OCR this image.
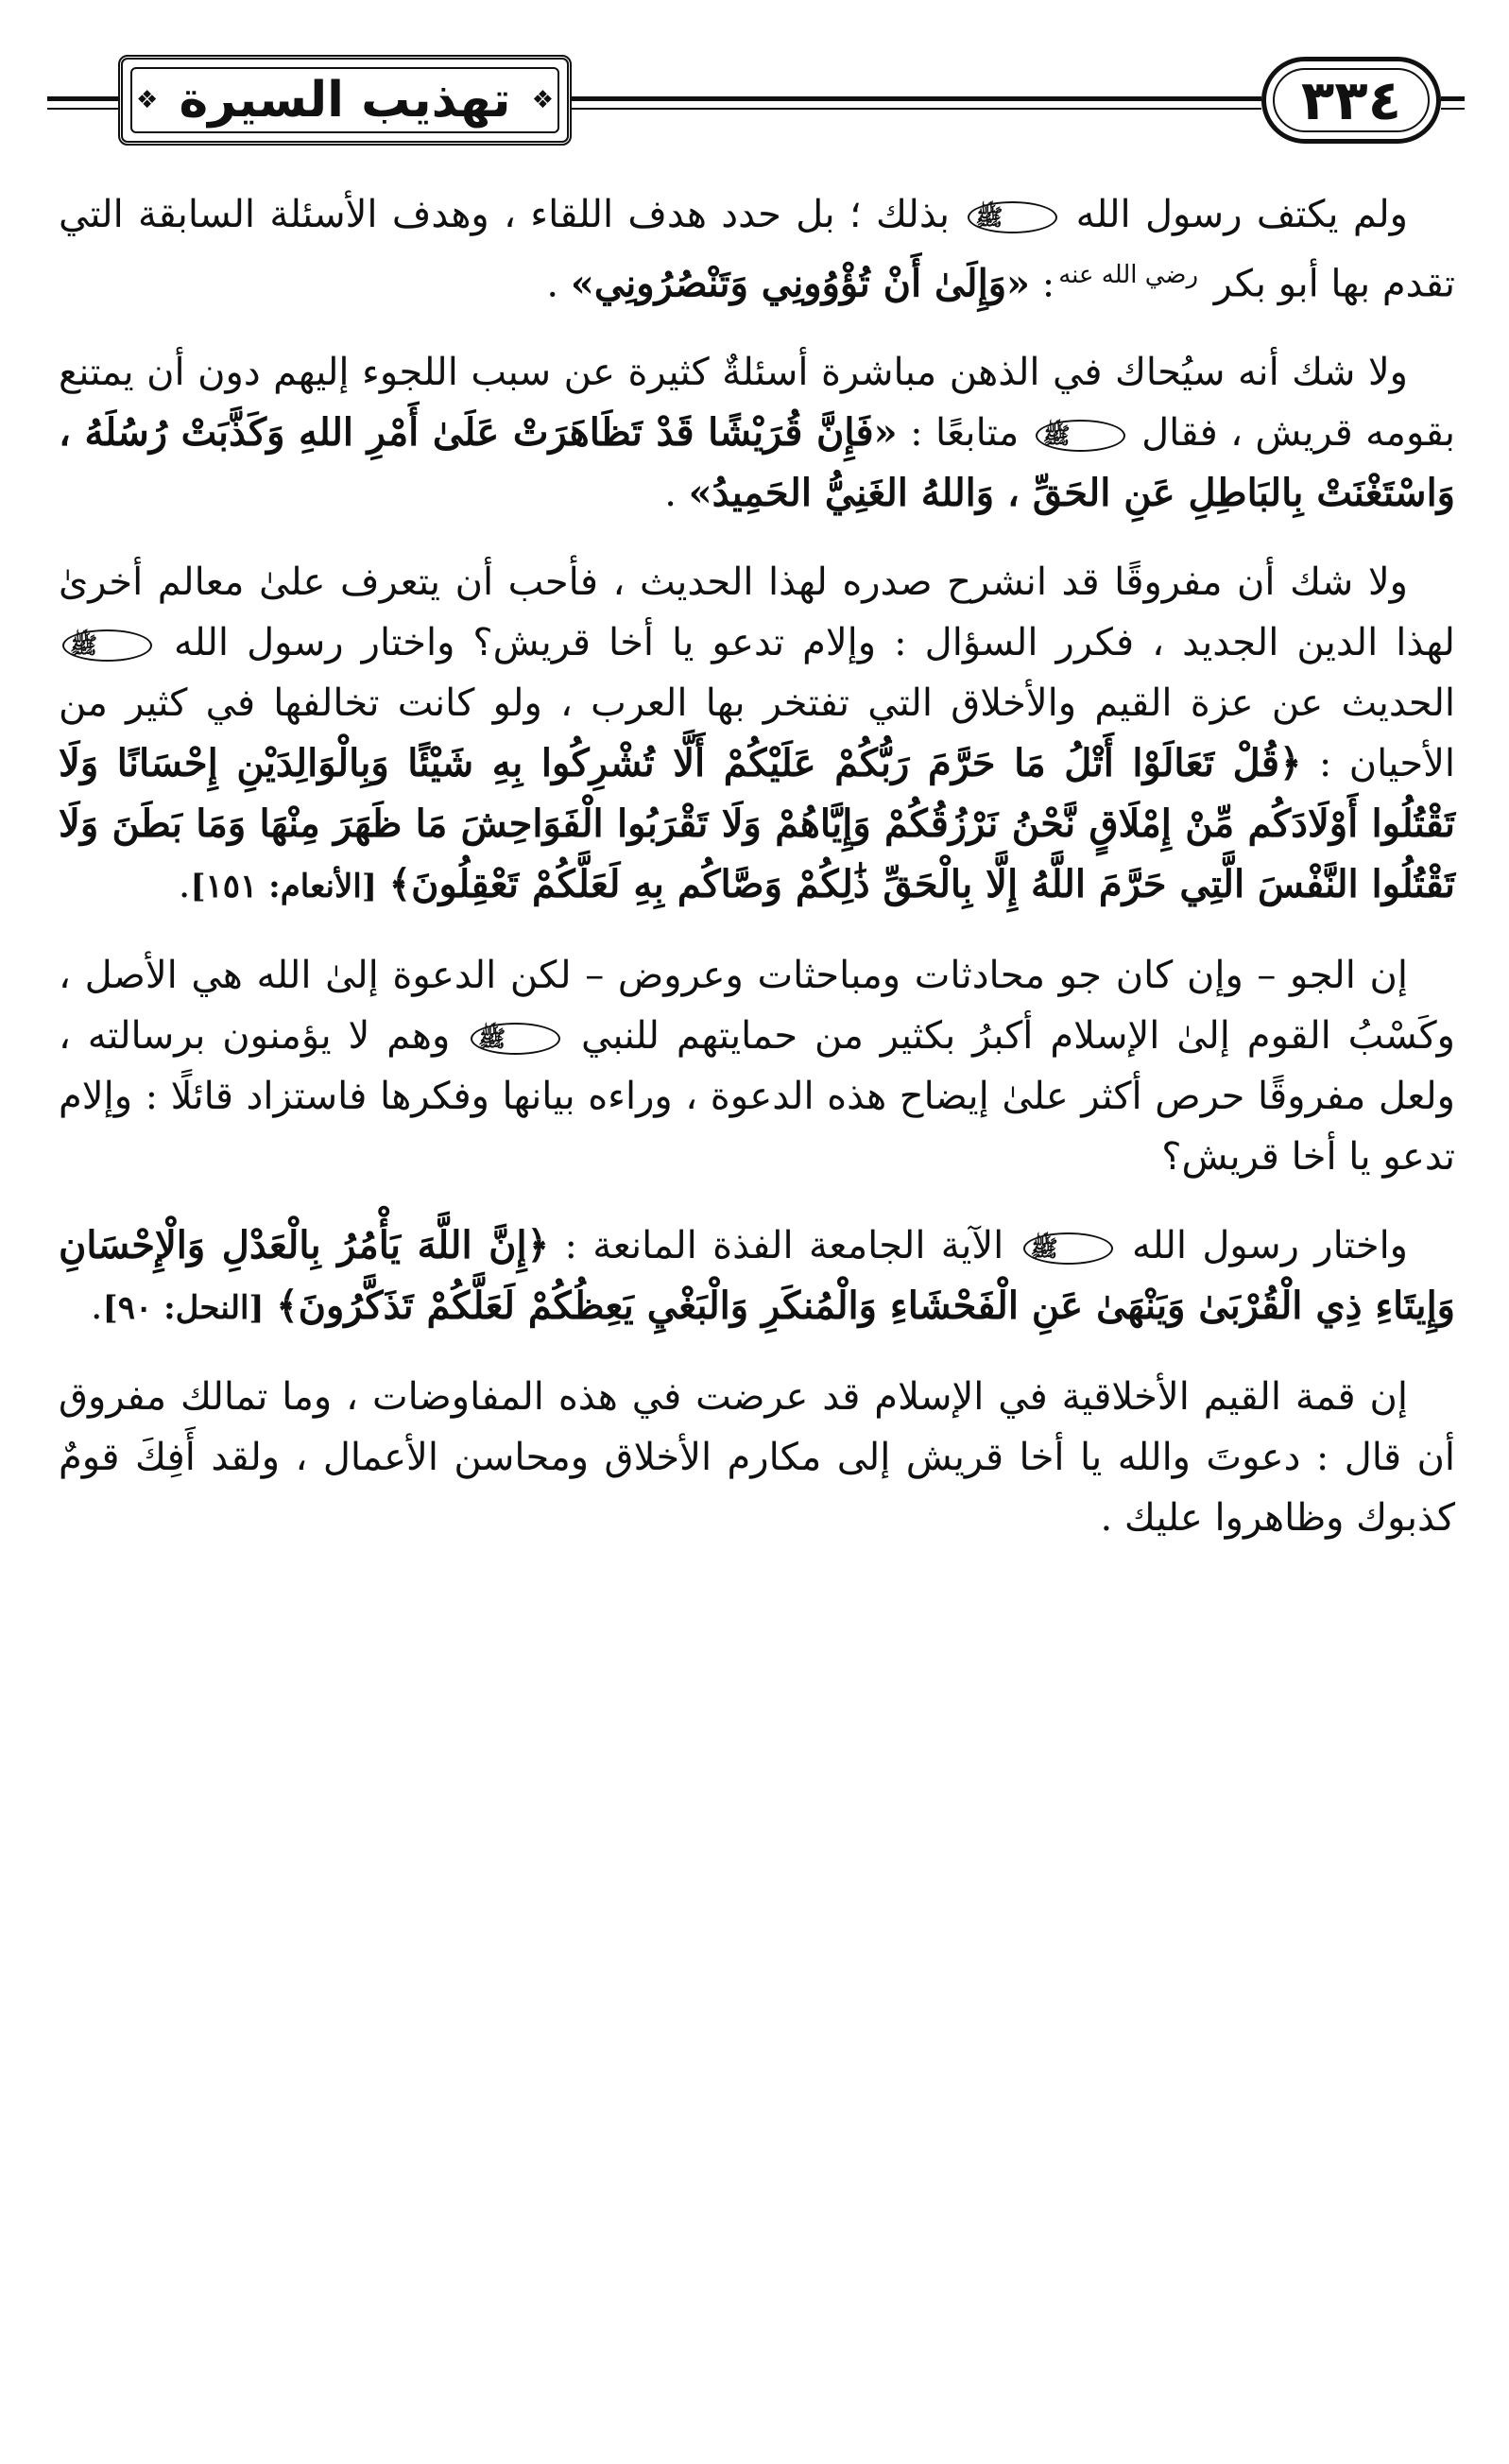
❖ تهذيب السيرة ❖	٣٣٤

ولم يكتف رسول الله ﷺ بذلك ؛ بل حدد هدف اللقاء ، وهدف الأسئلة السابقة التي تقدم بها أبو بكر $^{رضي الله عنه}$: «وَإِلَىٰ أَنْ تُؤْوُونِي وَتَنْصُرُونِي» .

ولا شك أنه سيُحاك في الذهن مباشرة أسئلةٌ كثيرة عن سبب اللجوء إليهم دون أن يمتنع بقومه قريش ، فقال ﷺ متابعًا : «فَإِنَّ قُرَيْشًا قَدْ تَظَاهَرَتْ عَلَىٰ أَمْرِ اللهِ وَكَذَّبَتْ رُسُلَهُ ، وَاسْتَغْنَتْ بِالبَاطِلِ عَنِ الحَقِّ ، وَاللهُ الغَنِيُّ الحَمِيدُ» .

ولا شك أن مفروقًا قد انشرح صدره لهذا الحديث ، فأحب أن يتعرف علىٰ معالم أخرىٰ لهذا الدين الجديد ، فكرر السؤال : وإلام تدعو يا أخا قريش؟ واختار رسول الله ﷺ الحديث عن عزة القيم والأخلاق التي تفتخر بها العرب ، ولو كانت تخالفها في كثير من الأحيان : ﴿قُلْ تَعَالَوْا أَتْلُ مَا حَرَّمَ رَبُّكُمْ عَلَيْكُمْ أَلَّا تُشْرِكُوا بِهِ شَيْئًا وَبِالْوَالِدَيْنِ إِحْسَانًا وَلَا تَقْتُلُوا أَوْلَادَكُم مِّنْ إِمْلَاقٍ نَّحْنُ نَرْزُقُكُمْ وَإِيَّاهُمْ وَلَا تَقْرَبُوا الْفَوَاحِشَ مَا ظَهَرَ مِنْهَا وَمَا بَطَنَ وَلَا تَقْتُلُوا النَّفْسَ الَّتِي حَرَّمَ اللَّهُ إِلَّا بِالْحَقِّ ذَٰلِكُمْ وَصَّاكُم بِهِ لَعَلَّكُمْ تَعْقِلُونَ﴾ [الأنعام: ١٥١].

إن الجو – وإن كان جو محادثات ومباحثات وعروض – لكن الدعوة إلىٰ الله هي الأصل ، وكَسْبُ القوم إلىٰ الإسلام أكبرُ بكثير من حمايتهم للنبي ﷺ وهم لا يؤمنون برسالته ، ولعل مفروقًا حرص أكثر علىٰ إيضاح هذه الدعوة ، وراءه بيانها وفكرها فاستزاد قائلًا : وإلام تدعو يا أخا قريش؟

واختار رسول الله ﷺ الآية الجامعة الفذة المانعة : ﴿إِنَّ اللَّهَ يَأْمُرُ بِالْعَدْلِ وَالْإِحْسَانِ وَإِيتَاءِ ذِي الْقُرْبَىٰ وَيَنْهَىٰ عَنِ الْفَحْشَاءِ وَالْمُنكَرِ وَالْبَغْيِ يَعِظُكُمْ لَعَلَّكُمْ تَذَكَّرُونَ﴾ [النحل: ٩٠].

إن قمة القيم الأخلاقية في الإسلام قد عرضت في هذه المفاوضات ، وما تمالك مفروق أن قال : دعوتَ والله يا أخا قريش إلى مكارم الأخلاق ومحاسن الأعمال ، ولقد أَفِكَ قومٌ كذبوك وظاهروا عليك .
